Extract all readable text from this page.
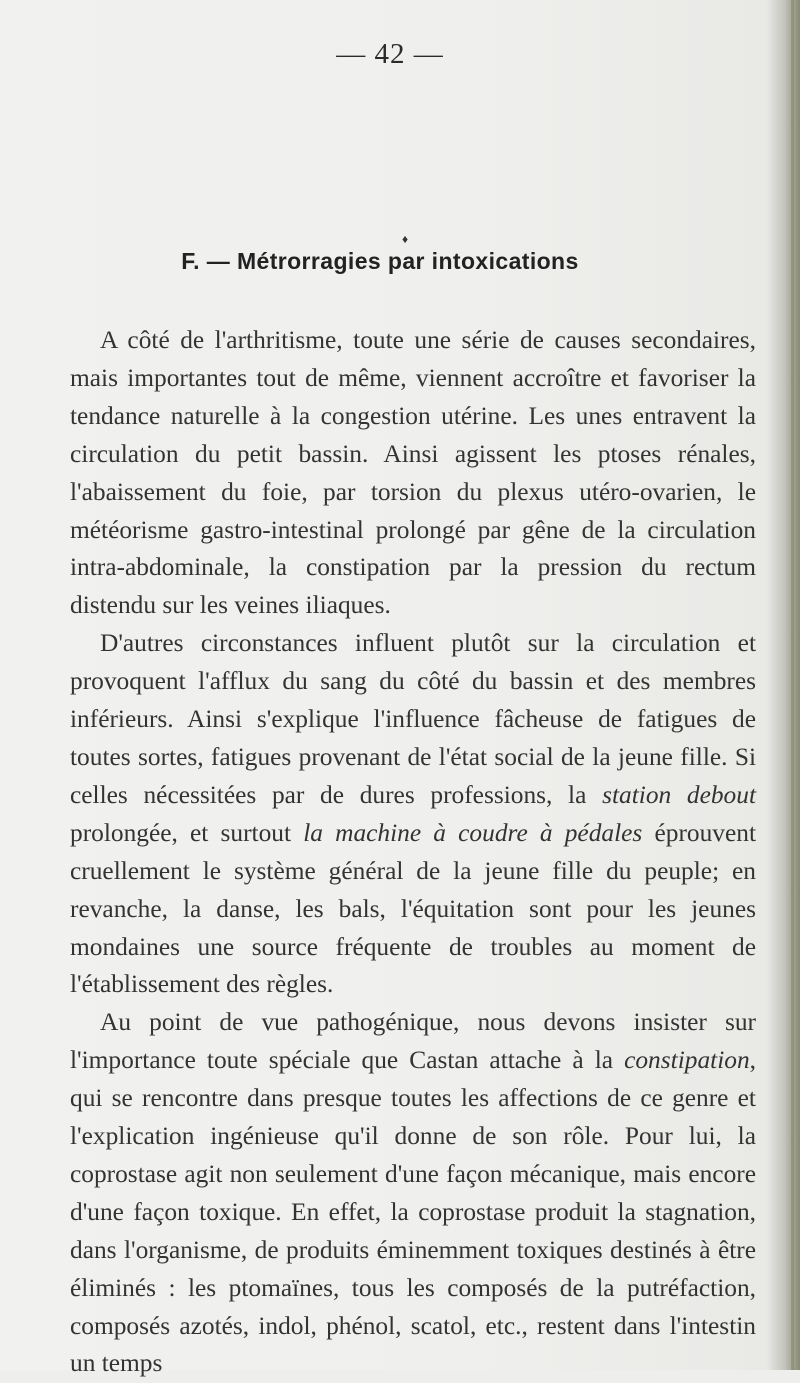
— 42 —
♦
F. — Métrorragies par intoxications

A côté de l'arthritisme, toute une série de causes secondaires, mais importantes tout de même, viennent accroître et favoriser la tendance naturelle à la congestion utérine. Les unes entravent la circulation du petit bassin. Ainsi agissent les ptoses rénales, l'abaissement du foie, par torsion du plexus utéro-ovarien, le météorisme gastro-intestinal prolongé par gêne de la circulation intra-abdominale, la constipation par la pression du rectum distendu sur les veines iliaques.

D'autres circonstances influent plutôt sur la circulation et provoquent l'afflux du sang du côté du bassin et des membres inférieurs. Ainsi s'explique l'influence fâcheuse de fatigues de toutes sortes, fatigues provenant de l'état social de la jeune fille. Si celles nécessitées par de dures professions, la station debout prolongée, et surtout la machine à coudre à pédales éprouvent cruellement le système général de la jeune fille du peuple; en revanche, la danse, les bals, l'équitation sont pour les jeunes mondaines une source fréquente de troubles au moment de l'établissement des règles.

Au point de vue pathogénique, nous devons insister sur l'importance toute spéciale que Castan attache à la constipation, qui se rencontre dans presque toutes les affections de ce genre et l'explication ingénieuse qu'il donne de son rôle. Pour lui, la coprostase agit non seulement d'une façon mécanique, mais encore d'une façon toxique. En effet, la coprostase produit la stagnation, dans l'organisme, de produits éminemment toxiques destinés à être éliminés : les ptomaïnes, tous les composés de la putréfaction, composés azotés, indol, phénol, scatol, etc., restent dans l'intestin un temps
